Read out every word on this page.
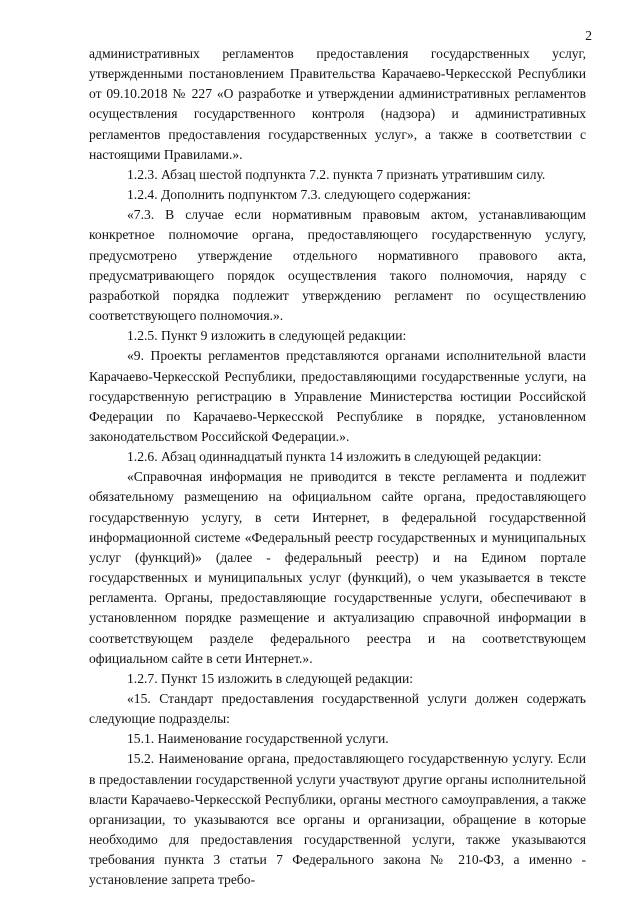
2

административных регламентов предоставления государственных услуг, утвержденными постановлением Правительства Карачаево-Черкесской Республики от 09.10.2018 № 227 «О разработке и утверждении административных регламентов осуществления государственного контроля (надзора) и административных регламентов предоставления государственных услуг», а также в соответствии с настоящими Правилами.».

1.2.3. Абзац шестой подпункта 7.2. пункта 7 признать утратившим силу.

1.2.4. Дополнить подпунктом 7.3. следующего содержания:

«7.3. В случае если нормативным правовым актом, устанавливающим конкретное полномочие органа, предоставляющего государственную услугу, предусмотрено утверждение отдельного нормативного правового акта, предусматривающего порядок осуществления такого полномочия, наряду с разработкой порядка подлежит утверждению регламент по осуществлению соответствующего полномочия.».

1.2.5. Пункт 9 изложить в следующей редакции:

«9. Проекты регламентов представляются органами исполнительной власти Карачаево-Черкесской Республики, предоставляющими государственные услуги, на государственную регистрацию в Управление Министерства юстиции Российской Федерации по Карачаево-Черкесской Республике в порядке, установленном законодательством Российской Федерации.».

1.2.6. Абзац одиннадцатый пункта 14 изложить в следующей редакции:

«Справочная информация не приводится в тексте регламента и подлежит обязательному размещению на официальном сайте органа, предоставляющего государственную услугу, в сети Интернет, в федеральной государственной информационной системе «Федеральный реестр государственных и муниципальных услуг (функций)» (далее - федеральный реестр) и на Едином портале государственных и муниципальных услуг (функций), о чем указывается в тексте регламента. Органы, предоставляющие государственные услуги, обеспечивают в установленном порядке размещение и актуализацию справочной информации в соответствующем разделе федерального реестра и на соответствующем официальном сайте в сети Интернет.».

1.2.7. Пункт 15 изложить в следующей редакции:

«15. Стандарт предоставления государственной услуги должен содержать следующие подразделы:

15.1. Наименование государственной услуги.

15.2. Наименование органа, предоставляющего государственную услугу. Если в предоставлении государственной услуги участвуют другие органы исполнительной власти Карачаево-Черкесской Республики, органы местного самоуправления, а также организации, то указываются все органы и организации, обращение в которые необходимо для предоставления государственной услуги, также указываются требования пункта 3 статьи 7 Федерального закона № 210-ФЗ, а именно - установление запрета требо-
